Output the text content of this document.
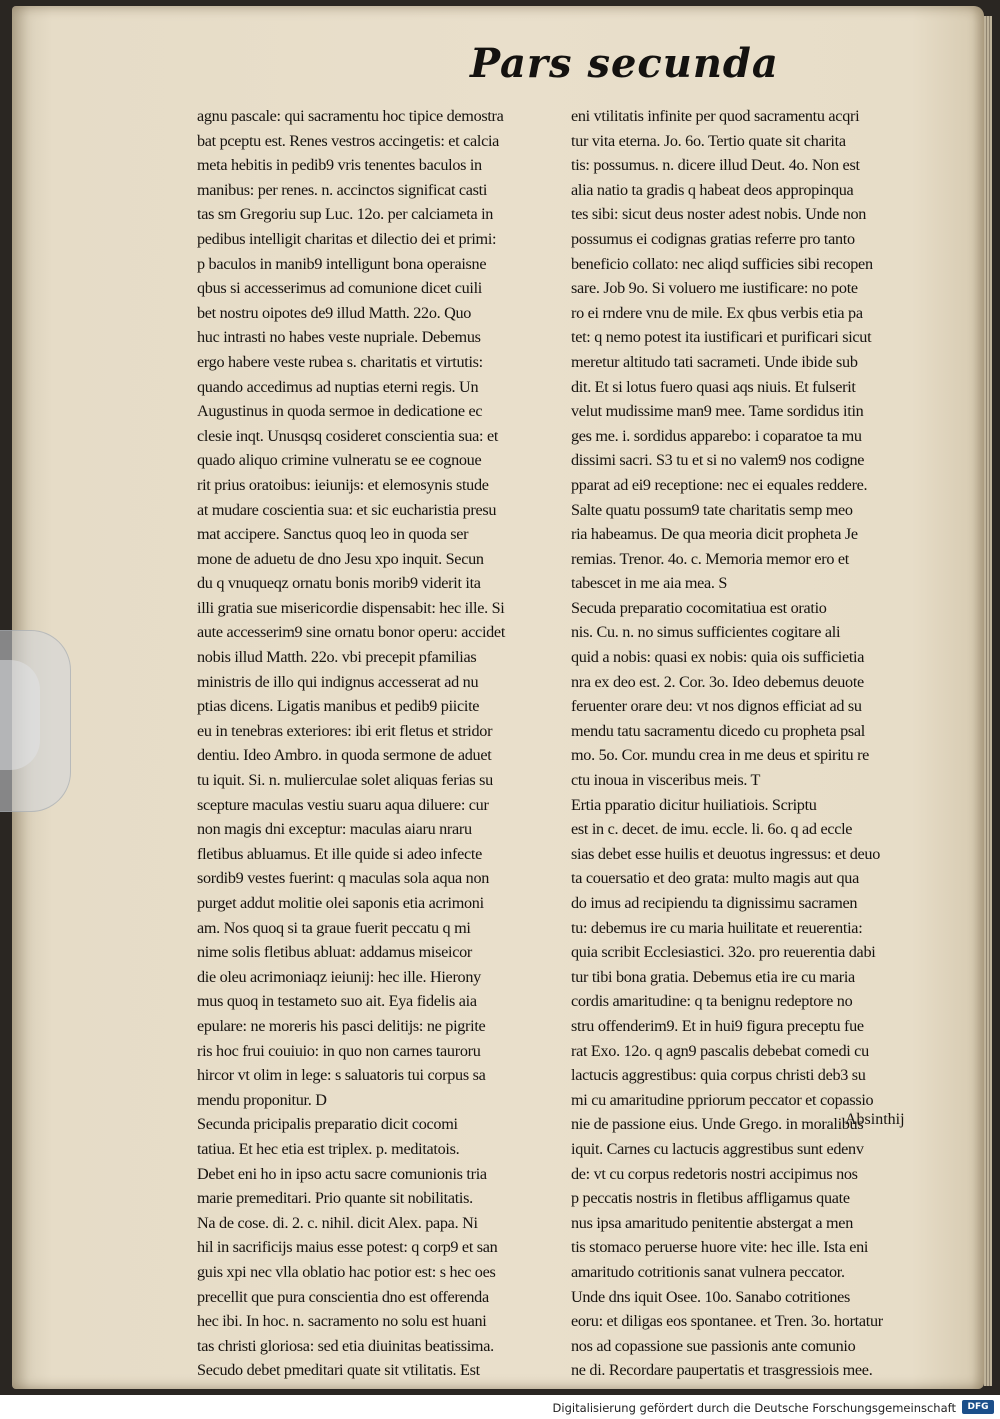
Pars secunda
agnu pascale: qui sacramentu hoc tipice demostra
bat pceptu est. Renes vestros accingetis: et calcia
meta hebitis in pedib9 vris tenentes baculos in
manibus: per renes. n. accinctos significat casti
tas sm Gregoriu sup Luc. 12o. per calciameta in
pedibus intelligit charitas et dilectio dei et primi:
p baculos in manib9 intelligunt bona operaisne
qbus si accesserimus ad comunione dicet cuili
bet nostru oipotes de9 illud Matth. 22o. Quo
huc intrasti no habes veste nupriale. Debemus
ergo habere veste rubea s. charitatis et virtutis:
quando accedimus ad nuptias eterni regis. Un
Augustinus in quoda sermoe in dedicatione ec
clesie inqt. Unusqsq cosideret conscientia sua: et
quado aliquo crimine vulneratu se ee cognoue
rit prius oratoibus: ieiunijs: et elemosynis stude
at mudare coscientia sua: et sic eucharistia presu
mat accipere. Sanctus quoq leo in quoda ser
mone de aduetu de dno Jesu xpo inquit. Secun
du q vnuqueqz ornatu bonis morib9 viderit ita
illi gratia sue misericordie dispensabit: hec ille. Si
aute accesserim9 sine ornatu bonor operu: accidet
nobis illud Matth. 22o. vbi precepit pfamilias
ministris de illo qui indignus accesserat ad nu
ptias dicens. Ligatis manibus et pedib9 piicite
eu in tenebras exteriores: ibi erit fletus et stridor
dentiu. Ideo Ambro. in quoda sermone de aduet
tu iquit. Si. n. mulierculae solet aliquas ferias su
scepture maculas vestiu suaru aqua diluere: cur
non magis dni exceptur: maculas aiaru nraru
fletibus abluamus. Et ille quide si adeo infecte
sordib9 vestes fuerint: q maculas sola aqua non
purget addut molitie olei saponis etia acrimoni
am. Nos quoq si ta graue fuerit peccatu q mi
nime solis fletibus abluat: addamus miseicor
die oleu acrimoniaqz ieiunij: hec ille. Hierony
mus quoq in testameto suo ait. Eya fidelis aia
epulare: ne moreris his pasci delitijs: ne pigrite
ris hoc frui couiuio: in quo non carnes tauroru
hircor vt olim in lege: s saluatoris tui corpus sa
mendu proponitur. D
Secunda pricipalis preparatio dicit cocomi
tatiua. Et hec etia est triplex. p. meditatois.
Debet eni ho in ipso actu sacre comunionis tria
marie premeditari. Prio quante sit nobilitatis.
Na de cose. di. 2. c. nihil. dicit Alex. papa. Ni
hil in sacrificijs maius esse potest: q corp9 et san
guis xpi nec vlla oblatio hac potior est: s hec oes
precellit que pura conscientia dno est offerenda
hec ibi. In hoc. n. sacramento no solu est huani
tas christi gloriosa: sed etia diuinitas beatissima.
Secudo debet pmeditari quate sit vtilitatis. Est
eni vtilitatis infinite per quod sacramentu acqri
tur vita eterna. Jo. 6o. Tertio quate sit charita
tis: possumus. n. dicere illud Deut. 4o. Non est
alia natio ta gradis q habeat deos appropinqua
tes sibi: sicut deus noster adest nobis. Unde non
possumus ei codignas gratias referre pro tanto
beneficio collato: nec aliqd sufficies sibi recopen
sare. Job 9o. Si voluero me iustificare: no pote
ro ei rndere vnu de mile. Ex qbus verbis etia pa
tet: q nemo potest ita iustificari et purificari sicut
meretur altitudo tati sacrameti. Unde ibide sub
dit. Et si lotus fuero quasi aqs niuis. Et fulserit
velut mudissime man9 mee. Tame sordidus itin
ges me. i. sordidus apparebo: i coparatoe ta mu
dissimi sacri. S3 tu et si no valem9 nos codigne
pparat ad ei9 receptione: nec ei equales reddere.
Salte quatu possum9 tate charitatis semp meo
ria habeamus. De qua meoria dicit propheta Je
remias. Trenor. 4o. c. Memoria memor ero et
tabescet in me aia mea. S
Secuda preparatio cocomitatiua est oratio
nis. Cu. n. no simus sufficientes cogitare ali
quid a nobis: quasi ex nobis: quia ois sufficietia
nra ex deo est. 2. Cor. 3o. Ideo debemus deuote
feruenter orare deu: vt nos dignos efficiat ad su
mendu tatu sacramentu dicedo cu propheta psal
mo. 5o. Cor. mundu crea in me deus et spiritu re
ctu inoua in visceribus meis. T
Ertia pparatio dicitur huiliatiois. Scriptu
est in c. decet. de imu. eccle. li. 6o. q ad eccle
sias debet esse huilis et deuotus ingressus: et deuo
ta couersatio et deo grata: multo magis aut qua
do imus ad recipiendu ta dignissimu sacramen
tu: debemus ire cu maria huilitate et reuerentia:
quia scribit Ecclesiastici. 32o. pro reuerentia dabi
tur tibi bona gratia. Debemus etia ire cu maria
cordis amaritudine: q ta benignu redeptore no
stru offenderim9. Et in hui9 figura preceptu fue
rat Exo. 12o. q agn9 pascalis debebat comedi cu
lactucis aggrestibus: quia corpus christi deb3 su
mi cu amaritudine ppriorum peccator et copassio
nie de passione eius. Unde Grego. in moralibus
iquit. Carnes cu lactucis aggrestibus sunt edenv
de: vt cu corpus redetoris nostri accipimus nos
p peccatis nostris in fletibus affligamus quate
nus ipsa amaritudo penitentie abstergat a men
tis stomaco peruerse huore vite: hec ille. Ista eni
amaritudo cotritionis sanat vulnera peccator.
Unde dns iquit Osee. 10o. Sanabo cotritiones
eoru: et diligas eos spontanee. et Tren. 3o. hortatur
nos ad copassione sue passionis ante comunio
ne di. Recordare paupertatis et trasgressiois mee.
Absinthij
Digitalisierung gefördert durch die Deutsche Forschungsgemeinschaft	DFG
